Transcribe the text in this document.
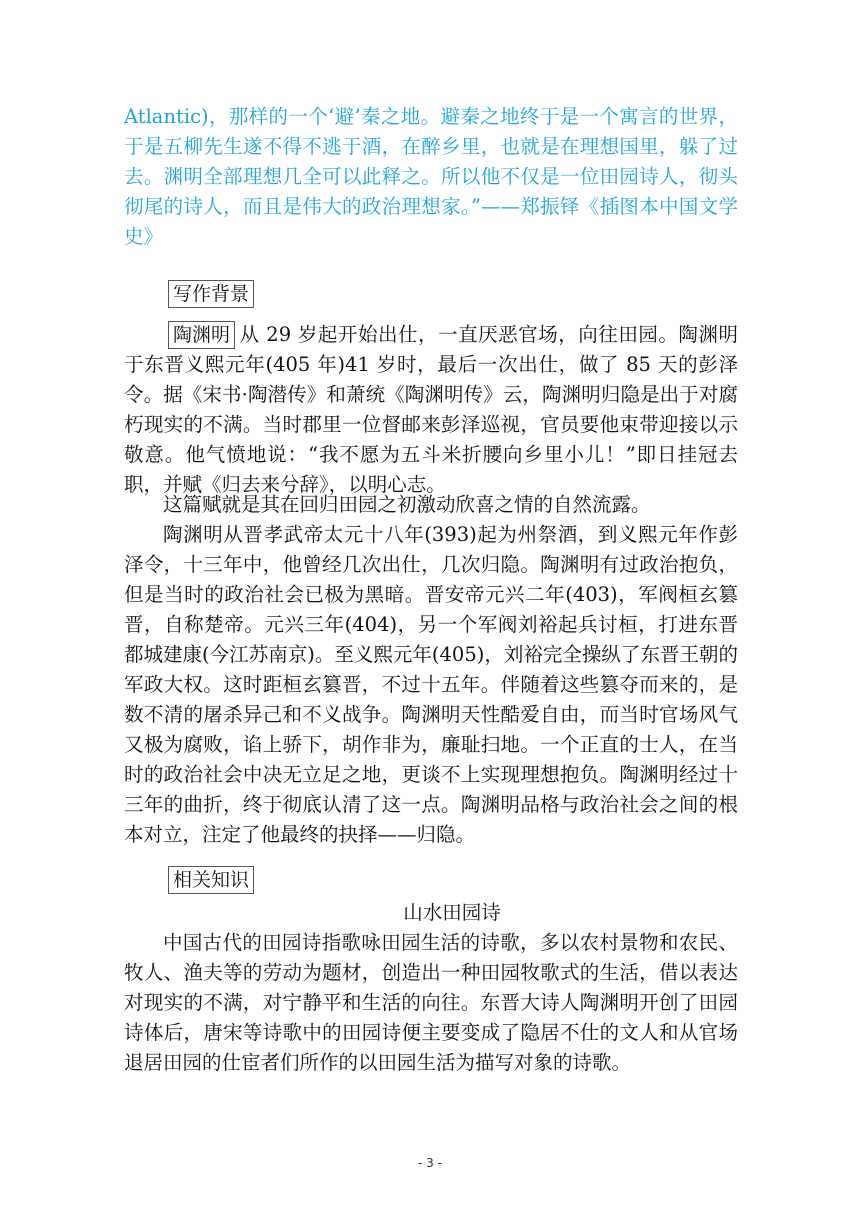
Atlantic)，那样的一个‘避’秦之地。避秦之地终于是一个寓言的世界，于是五柳先生遂不得不逃于酒，在醉乡里，也就是在理想国里，躲了过去。渊明全部理想几全可以此释之。所以他不仅是一位田园诗人，彻头彻尾的诗人，而且是伟大的政治理想家。”——郑振铎《插图本中国文学史》

写作背景

陶渊明 从 29 岁起开始出仕，一直厌恶官场，向往田园。陶渊明于东晋义熙元年(405 年)41 岁时，最后一次出仕，做了 85 天的彭泽令。据《宋书·陶潜传》和萧统《陶渊明传》云，陶渊明归隐是出于对腐朽现实的不满。当时郡里一位督邮来彭泽巡视，官员要他束带迎接以示敬意。他气愤地说：“我不愿为五斗米折腰向乡里小儿！”即日挂冠去职，并赋《归去来兮辞》，以明心志。

这篇赋就是其在回归田园之初激动欣喜之情的自然流露。

陶渊明从晋孝武帝太元十八年(393)起为州祭酒，到义熙元年作彭泽令，十三年中，他曾经几次出仕，几次归隐。陶渊明有过政治抱负，但是当时的政治社会已极为黑暗。晋安帝元兴二年(403)，军阀桓玄篡晋，自称楚帝。元兴三年(404)，另一个军阀刘裕起兵讨桓，打进东晋都城建康(今江苏南京)。至义熙元年(405)，刘裕完全操纵了东晋王朝的军政大权。这时距桓玄篡晋，不过十五年。伴随着这些篡夺而来的，是数不清的屠杀异己和不义战争。陶渊明天性酷爱自由，而当时官场风气又极为腐败，谄上骄下，胡作非为，廉耻扫地。一个正直的士人，在当时的政治社会中决无立足之地，更谈不上实现理想抱负。陶渊明经过十三年的曲折，终于彻底认清了这一点。陶渊明品格与政治社会之间的根本对立，注定了他最终的抉择——归隐。

相关知识
山水田园诗

中国古代的田园诗指歌咏田园生活的诗歌，多以农村景物和农民、牧人、渔夫等的劳动为题材，创造出一种田园牧歌式的生活，借以表达对现实的不满，对宁静平和生活的向往。东晋大诗人陶渊明开创了田园诗体后，唐宋等诗歌中的田园诗便主要变成了隐居不仕的文人和从官场退居田园的仕宦者们所作的以田园生活为描写对象的诗歌。

- 3 -
